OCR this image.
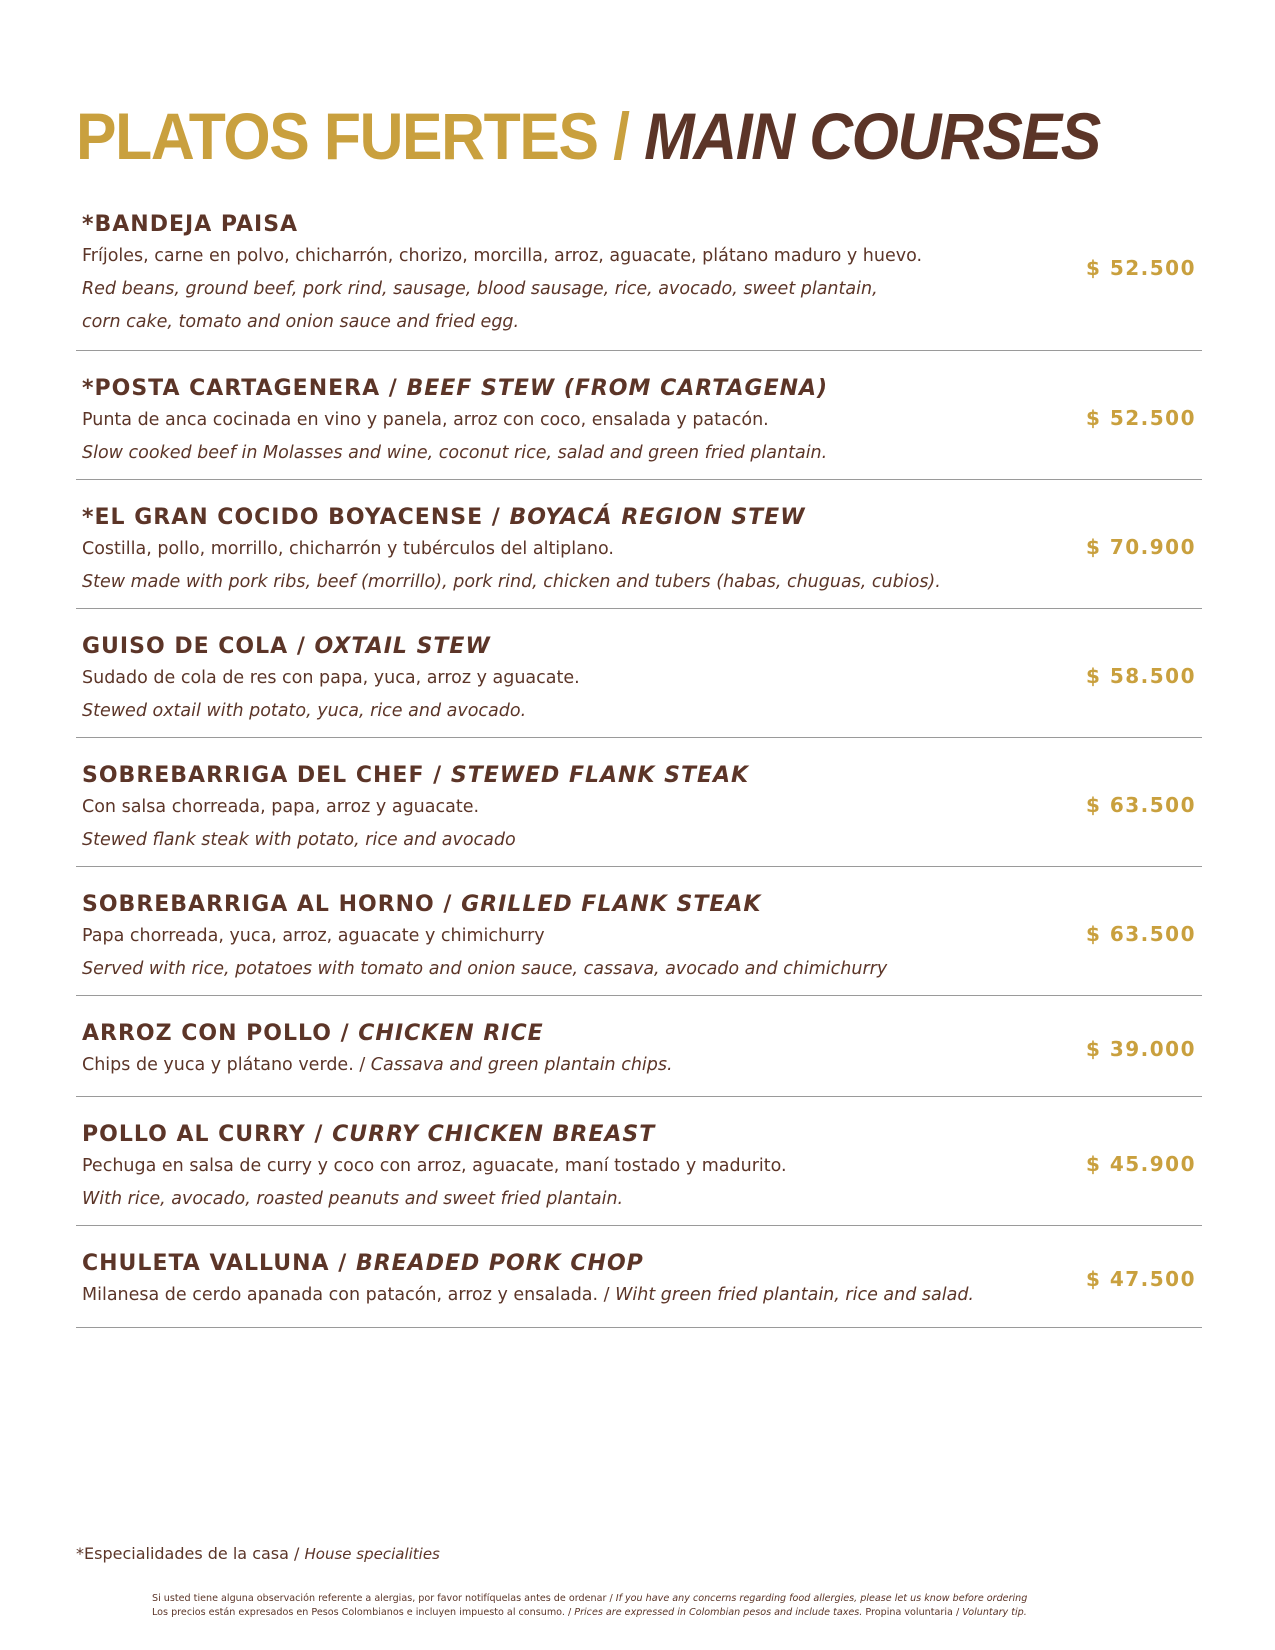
PLATOS FUERTES / MAIN COURSES
*BANDEJA PAISA
Fríjoles, carne en polvo, chicharrón, chorizo, morcilla, arroz, aguacate, plátano maduro y huevo.
Red beans, ground beef, pork rind, sausage, blood sausage, rice, avocado, sweet plantain,
corn cake, tomato and onion sauce and fried egg.
$ 52.500
*POSTA CARTAGENERA / BEEF STEW (FROM CARTAGENA)
Punta de anca cocinada en vino y panela, arroz con coco, ensalada y patacón.
Slow cooked beef in Molasses and wine, coconut rice, salad and green fried plantain.
$ 52.500
*EL GRAN COCIDO BOYACENSE / BOYACÁ REGION STEW
Costilla, pollo, morrillo, chicharrón y tubérculos del altiplano.
Stew made with pork ribs, beef (morrillo), pork rind, chicken and tubers (habas, chuguas, cubios).
$ 70.900
GUISO DE COLA / OXTAIL STEW
Sudado de cola de res con papa, yuca, arroz y aguacate.
Stewed oxtail with potato, yuca, rice and avocado.
$ 58.500
SOBREBARRIGA DEL CHEF / STEWED FLANK STEAK
Con salsa chorreada, papa, arroz y aguacate.
Stewed flank steak with potato, rice and avocado
$ 63.500
SOBREBARRIGA AL HORNO / GRILLED FLANK STEAK
Papa chorreada, yuca, arroz, aguacate y chimichurry
Served with rice, potatoes with tomato and onion sauce, cassava, avocado and chimichurry
$ 63.500
ARROZ CON POLLO / CHICKEN RICE
Chips de yuca y plátano verde. / Cassava and green plantain chips.
$ 39.000
POLLO AL CURRY / CURRY CHICKEN BREAST
Pechuga en salsa de curry y coco con arroz, aguacate, maní tostado y madurito.
With rice, avocado, roasted peanuts and sweet fried plantain.
$ 45.900
CHULETA VALLUNA / BREADED PORK CHOP
Milanesa de cerdo apanada con patacón, arroz y ensalada. / Wiht green fried plantain, rice and salad.
$ 47.500
*Especialidades de la casa / House specialities
Si usted tiene alguna observación referente a alergias, por favor notifíquelas antes de ordenar / If you have any concerns regarding food allergies, please let us know before ordering
Los precios están expresados en Pesos Colombianos e incluyen impuesto al consumo. / Prices are expressed in Colombian pesos and include taxes. Propina voluntaria / Voluntary tip.
